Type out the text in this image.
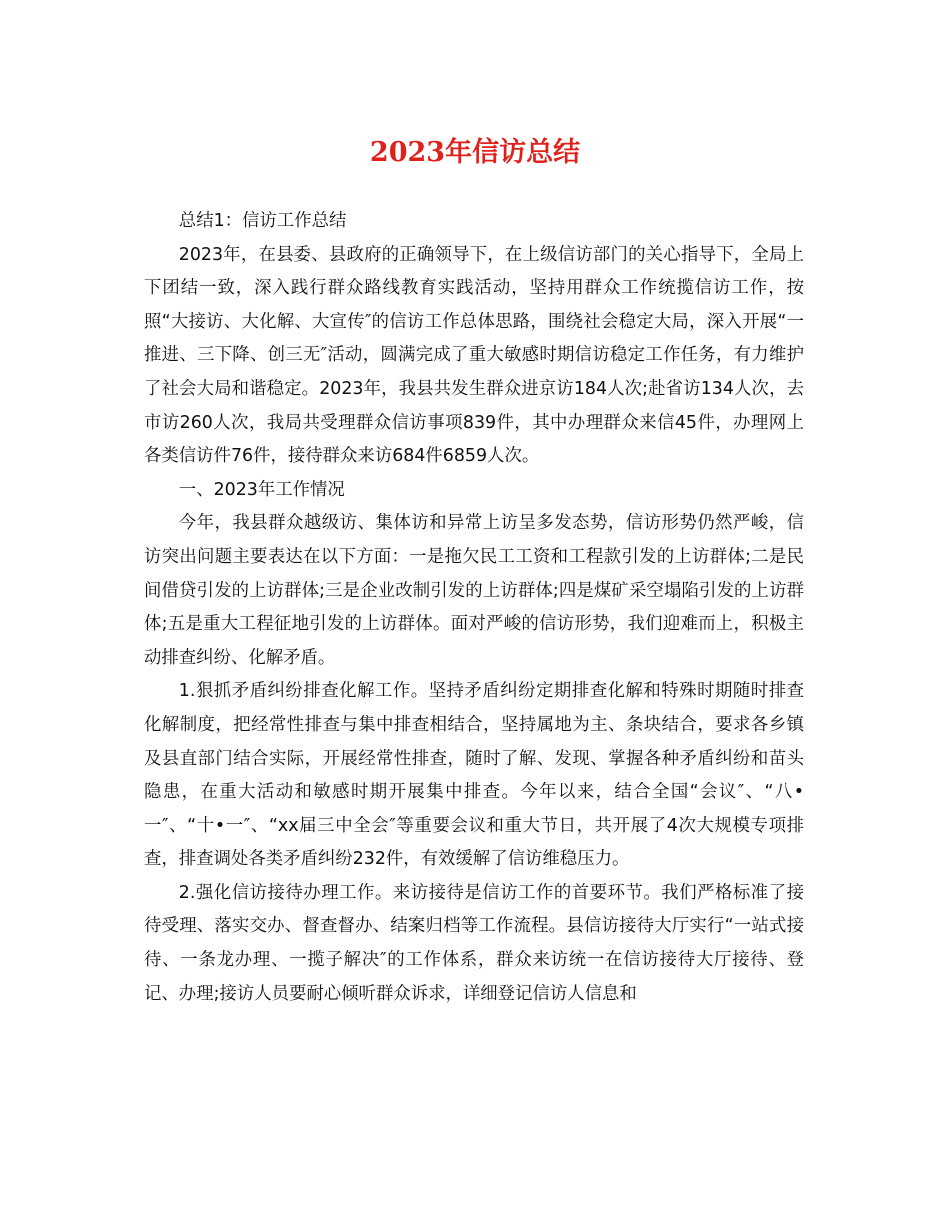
2023年信访总结

总结1：信访工作总结

2023年，在县委、县政府的正确领导下，在上级信访部门的关心指导下，全局上下团结一致，深入践行群众路线教育实践活动，坚持用群众工作统揽信访工作，按照“大接访、大化解、大宣传″的信访工作总体思路，围绕社会稳定大局，深入开展“一推进、三下降、创三无″活动，圆满完成了重大敏感时期信访稳定工作任务，有力维护了社会大局和谐稳定。2023年，我县共发生群众进京访184人次;赴省访134人次，去市访260人次，我局共受理群众信访事项839件，其中办理群众来信45件，办理网上各类信访件76件，接待群众来访684件6859人次。

一、2023年工作情况

今年，我县群众越级访、集体访和异常上访呈多发态势，信访形势仍然严峻，信访突出问题主要表达在以下方面：一是拖欠民工工资和工程款引发的上访群体;二是民间借贷引发的上访群体;三是企业改制引发的上访群体;四是煤矿采空塌陷引发的上访群体;五是重大工程征地引发的上访群体。面对严峻的信访形势，我们迎难而上，积极主动排查纠纷、化解矛盾。

1.狠抓矛盾纠纷排查化解工作。坚持矛盾纠纷定期排查化解和特殊时期随时排查化解制度，把经常性排查与集中排查相结合，坚持属地为主、条块结合，要求各乡镇及县直部门结合实际，开展经常性排查，随时了解、发现、掌握各种矛盾纠纷和苗头隐患，在重大活动和敏感时期开展集中排查。今年以来，结合全国“会议″、“八•一″、“十•一″、“xx届三中全会″等重要会议和重大节日，共开展了4次大规模专项排查，排查调处各类矛盾纠纷232件，有效缓解了信访维稳压力。

2.强化信访接待办理工作。来访接待是信访工作的首要环节。我们严格标准了接待受理、落实交办、督查督办、结案归档等工作流程。县信访接待大厅实行“一站式接待、一条龙办理、一揽子解决″的工作体系，群众来访统一在信访接待大厅接待、登记、办理;接访人员要耐心倾听群众诉求，详细登记信访人信息和
